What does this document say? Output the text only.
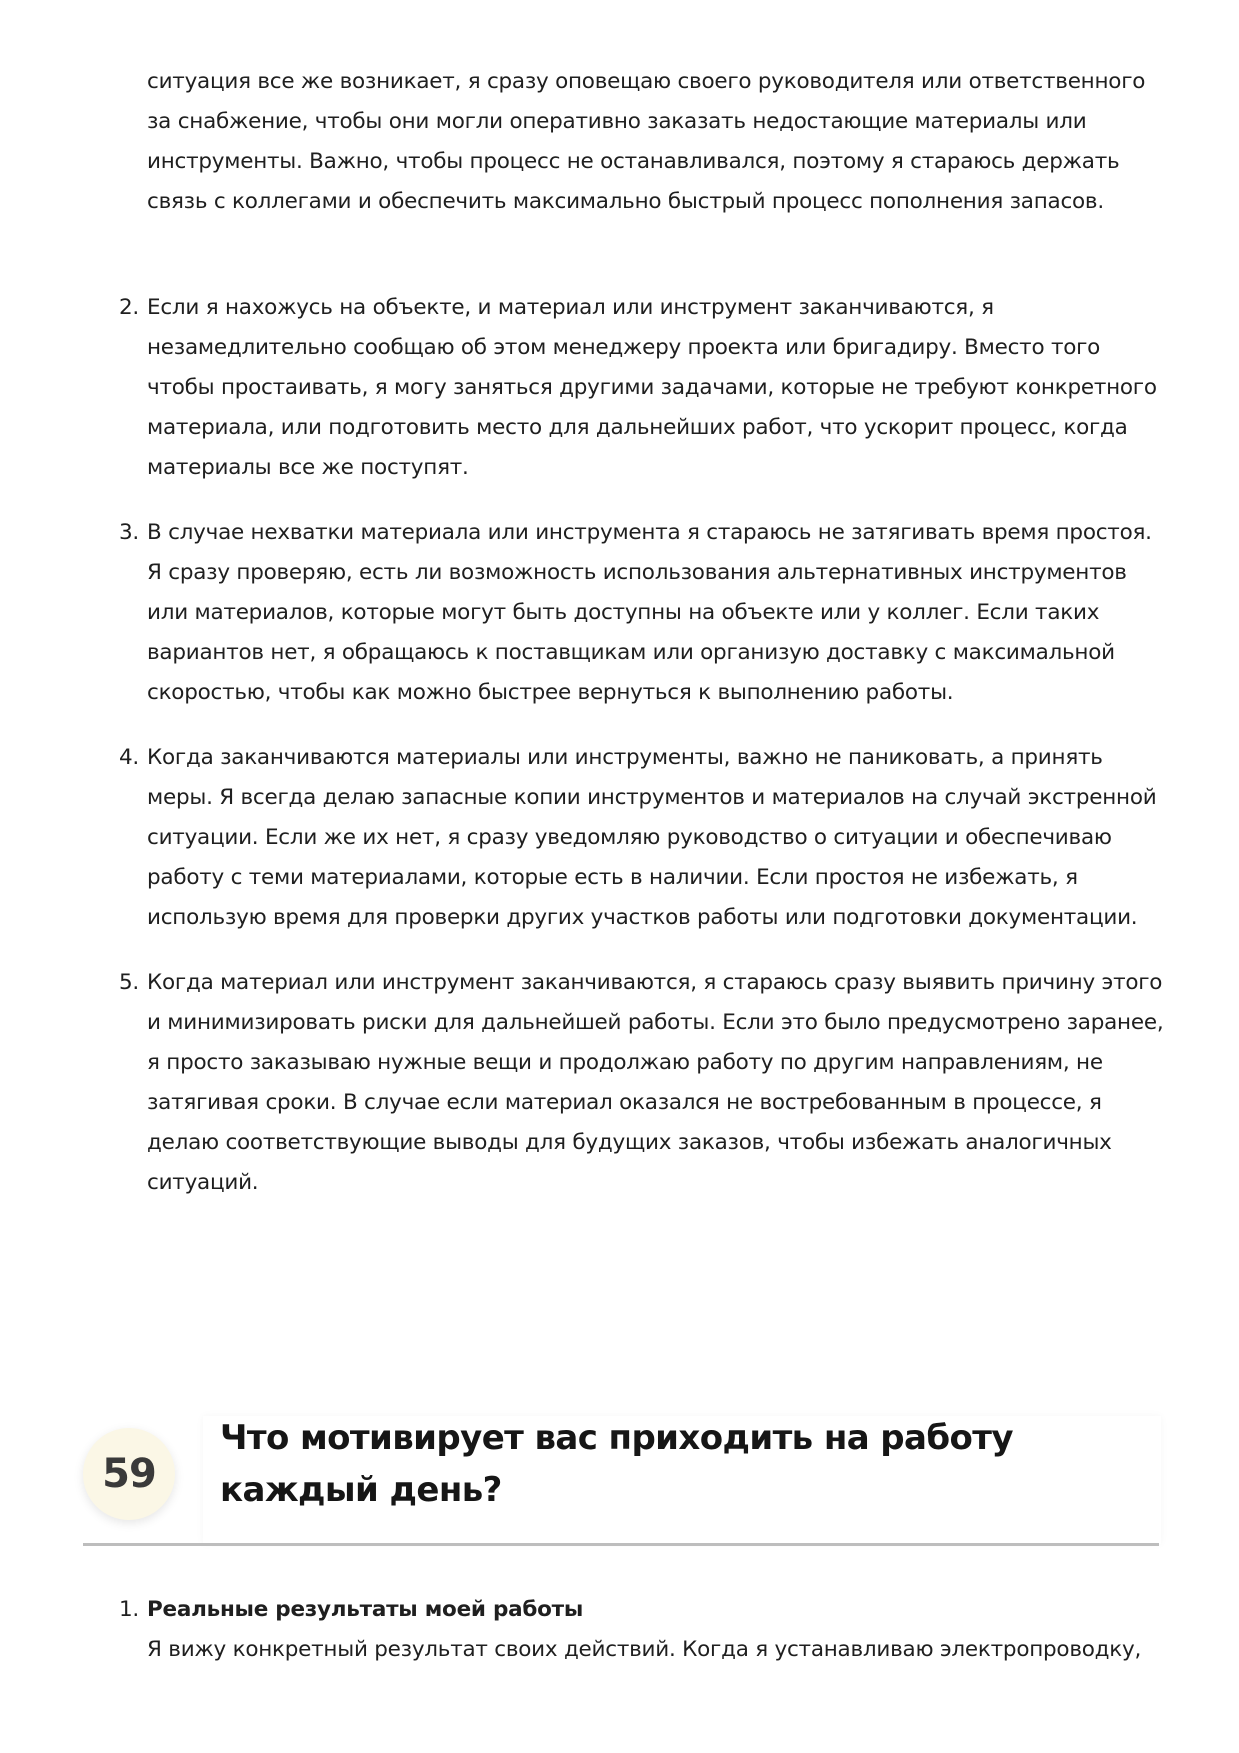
ситуация все же возникает, я сразу оповещаю своего руководителя или ответственного за снабжение, чтобы они могли оперативно заказать недостающие материалы или инструменты. Важно, чтобы процесс не останавливался, поэтому я стараюсь держать связь с коллегами и обеспечить максимально быстрый процесс пополнения запасов.

2. Если я нахожусь на объекте, и материал или инструмент заканчиваются, я незамедлительно сообщаю об этом менеджеру проекта или бригадиру. Вместо того чтобы простаивать, я могу заняться другими задачами, которые не требуют конкретного материала, или подготовить место для дальнейших работ, что ускорит процесс, когда материалы все же поступят.
3. В случае нехватки материала или инструмента я стараюсь не затягивать время простоя. Я сразу проверяю, есть ли возможность использования альтернативных инструментов или материалов, которые могут быть доступны на объекте или у коллег. Если таких вариантов нет, я обращаюсь к поставщикам или организую доставку с максимальной скоростью, чтобы как можно быстрее вернуться к выполнению работы.
4. Когда заканчиваются материалы или инструменты, важно не паниковать, а принять меры. Я всегда делаю запасные копии инструментов и материалов на случай экстренной ситуации. Если же их нет, я сразу уведомляю руководство о ситуации и обеспечиваю работу с теми материалами, которые есть в наличии. Если простоя не избежать, я использую время для проверки других участков работы или подготовки документации.
5. Когда материал или инструмент заканчиваются, я стараюсь сразу выявить причину этого и минимизировать риски для дальнейшей работы. Если это было предусмотрено заранее, я просто заказываю нужные вещи и продолжаю работу по другим направлениям, не затягивая сроки. В случае если материал оказался не востребованным в процессе, я делаю соответствующие выводы для будущих заказов, чтобы избежать аналогичных ситуаций.
59
Что мотивирует вас приходить на работу каждый день?
1. Реальные результаты моей работы
Я вижу конкретный результат своих действий. Когда я устанавливаю электропроводку,
